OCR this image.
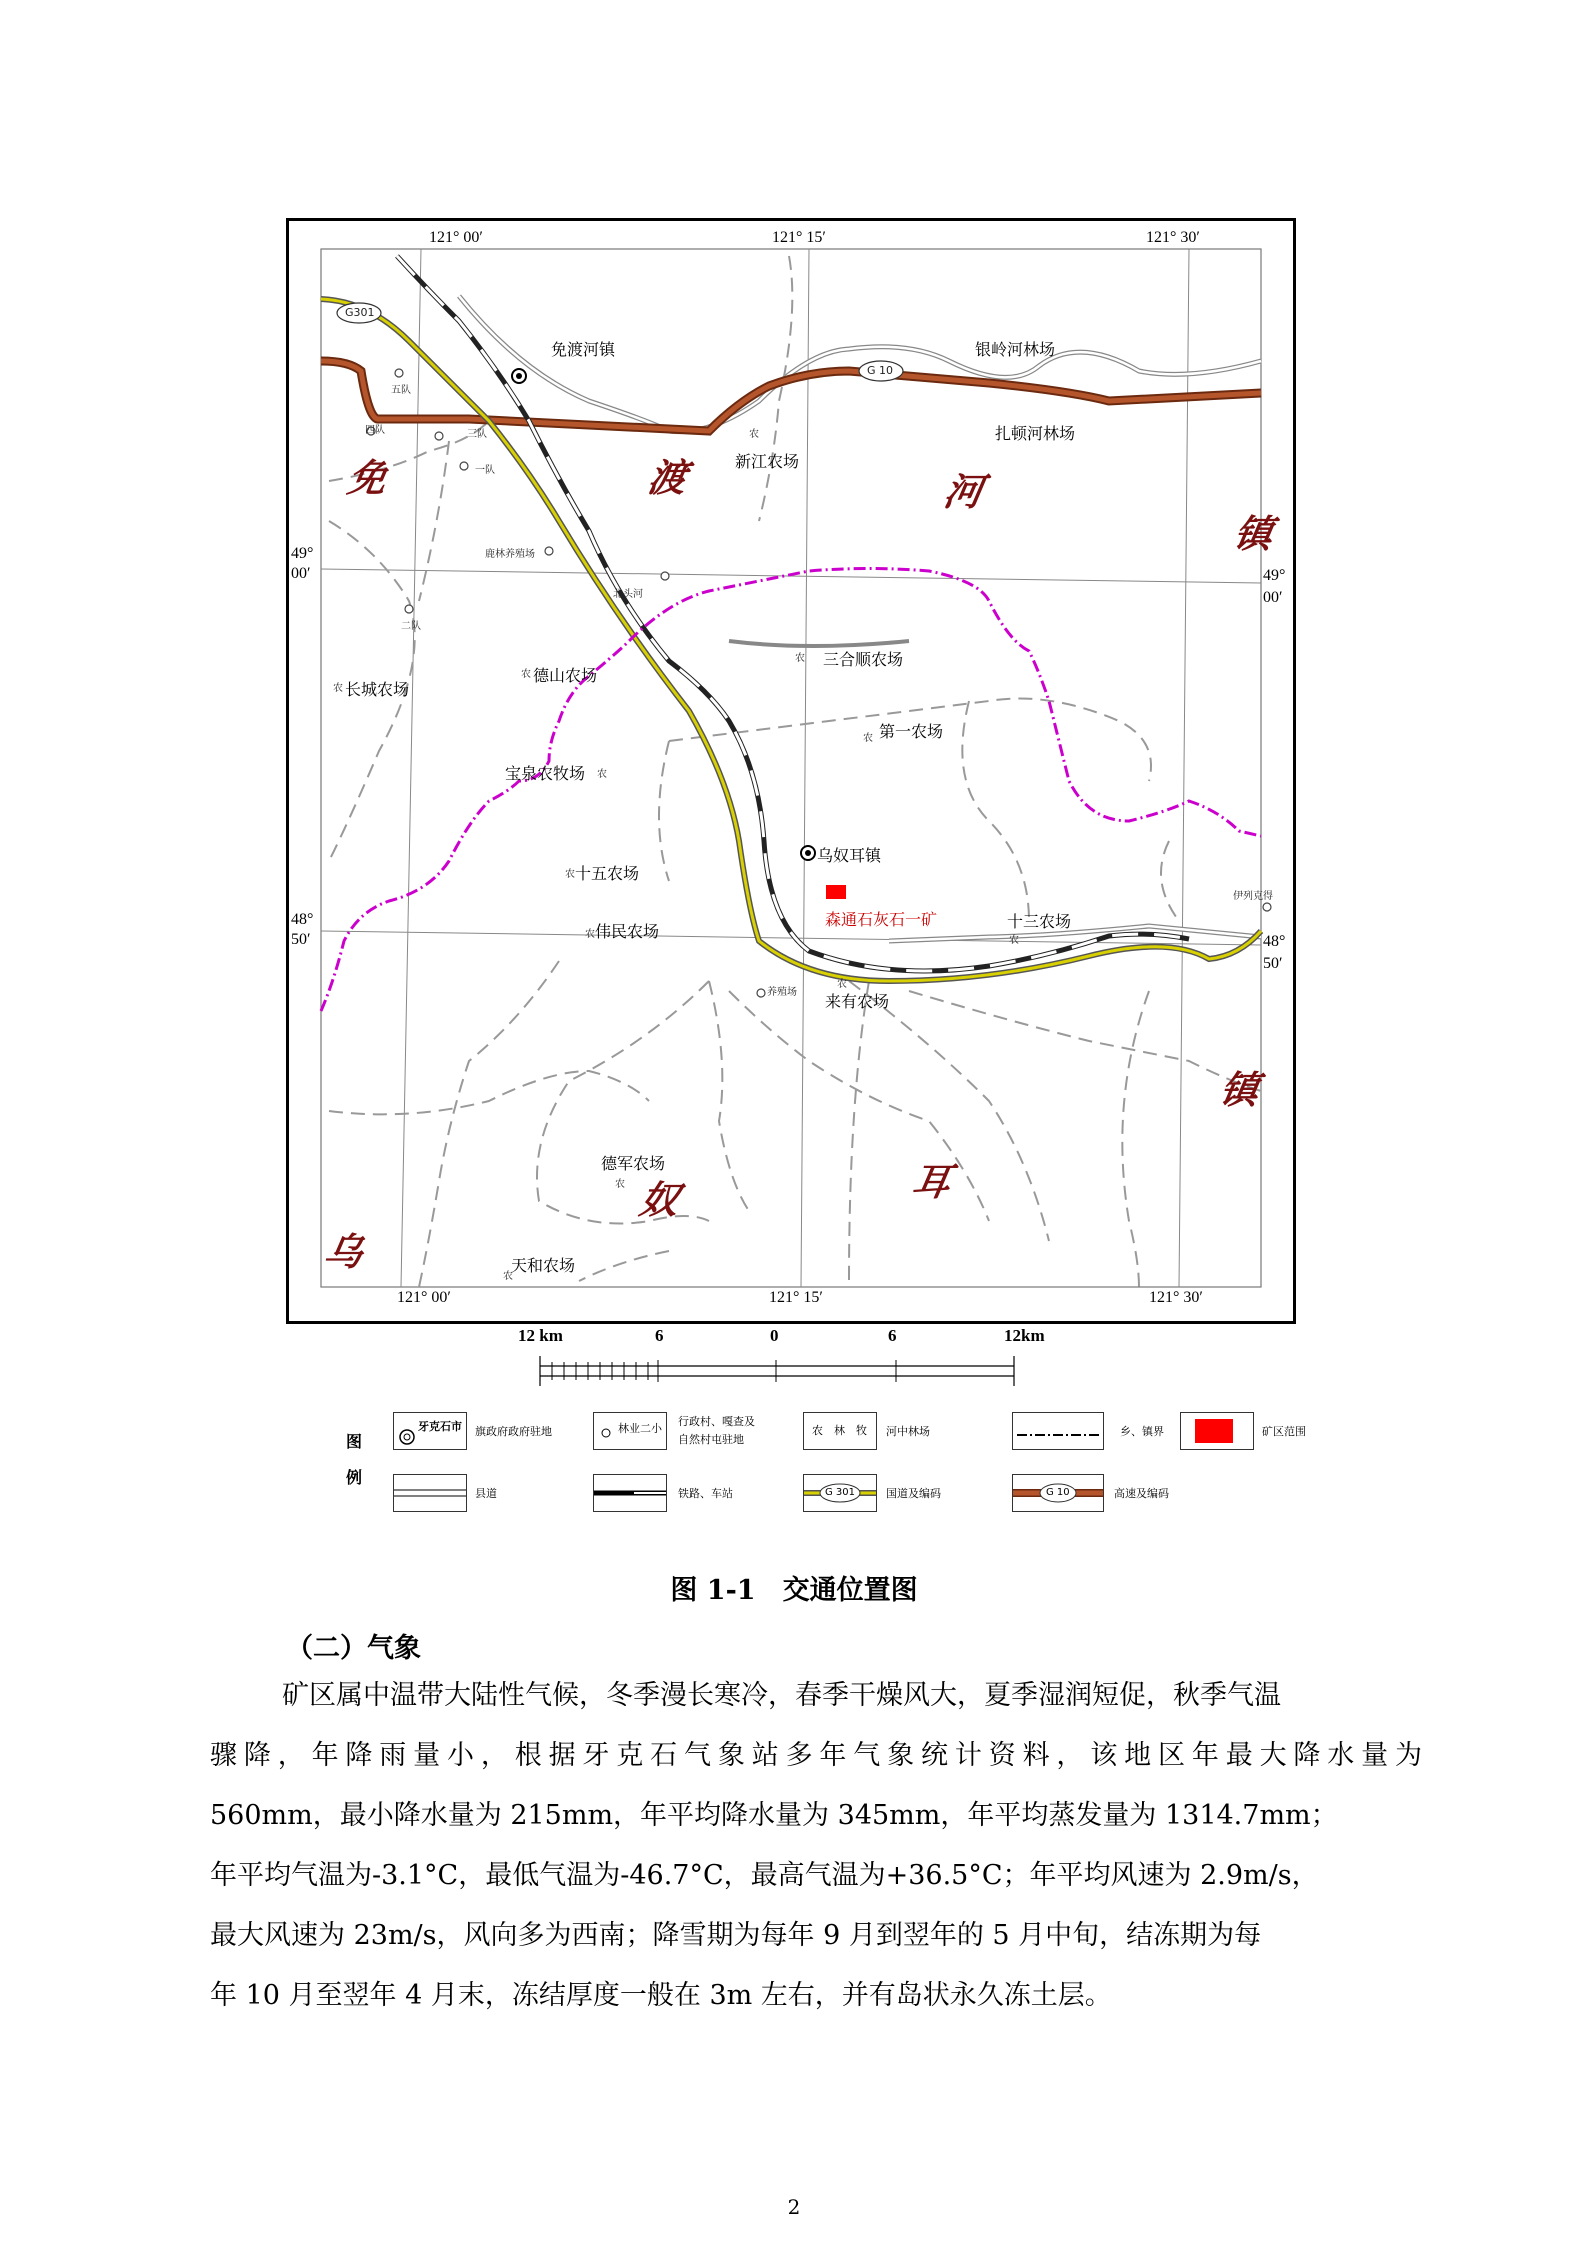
121° 00′	121° 15′	121° 30′
121° 00′	121° 15′	121° 30′
49°
00′	49°
00′
48°
50′	48°
50′
G301
G 10
免渡河镇	银岭河林场
扎顿河林场
新江农场
三合顺农场
德山农场
长城农场
第一农场
宝泉农牧场
乌奴耳镇
十五农场
伟民农场
十三农场
来有农场
德军农场
天和农场
五队
四队	三队
一队
鹿林养殖场
北头河
二队
养殖场
伊列克得
农
农
农
农
农
农
农
农
农
农
农
农
森通石灰石一矿
免	渡	河
镇
镇
乌
奴	耳
12 km	6	0	6	12km
图
例
牙克石市 旗政府政府驻地	林业二小
行政村、嘎查及
自然村屯驻地
农 林 牧 河中林场	乡、镇界	矿区范围
县道	铁路、车站	G 301	国道及编码	G 10	高速及编码
图 1-1　交通位置图
（二）气象
矿区属中温带大陆性气候，冬季漫长寒冷，春季干燥风大，夏季湿润短促，秋季气温
骤降，年降雨量小，根据牙克石气象站多年气象统计资料，该地区年最大降水量为
560mm，最小降水量为 215mm，年平均降水量为 345mm，年平均蒸发量为 1314.7mm；
年平均气温为-3.1°C，最低气温为-46.7°C，最高气温为+36.5°C；年平均风速为 2.9m/s，
最大风速为 23m/s，风向多为西南；降雪期为每年 9 月到翌年的 5 月中旬，结冻期为每
年 10 月至翌年 4 月末，冻结厚度一般在 3m 左右，并有岛状永久冻土层。
2
